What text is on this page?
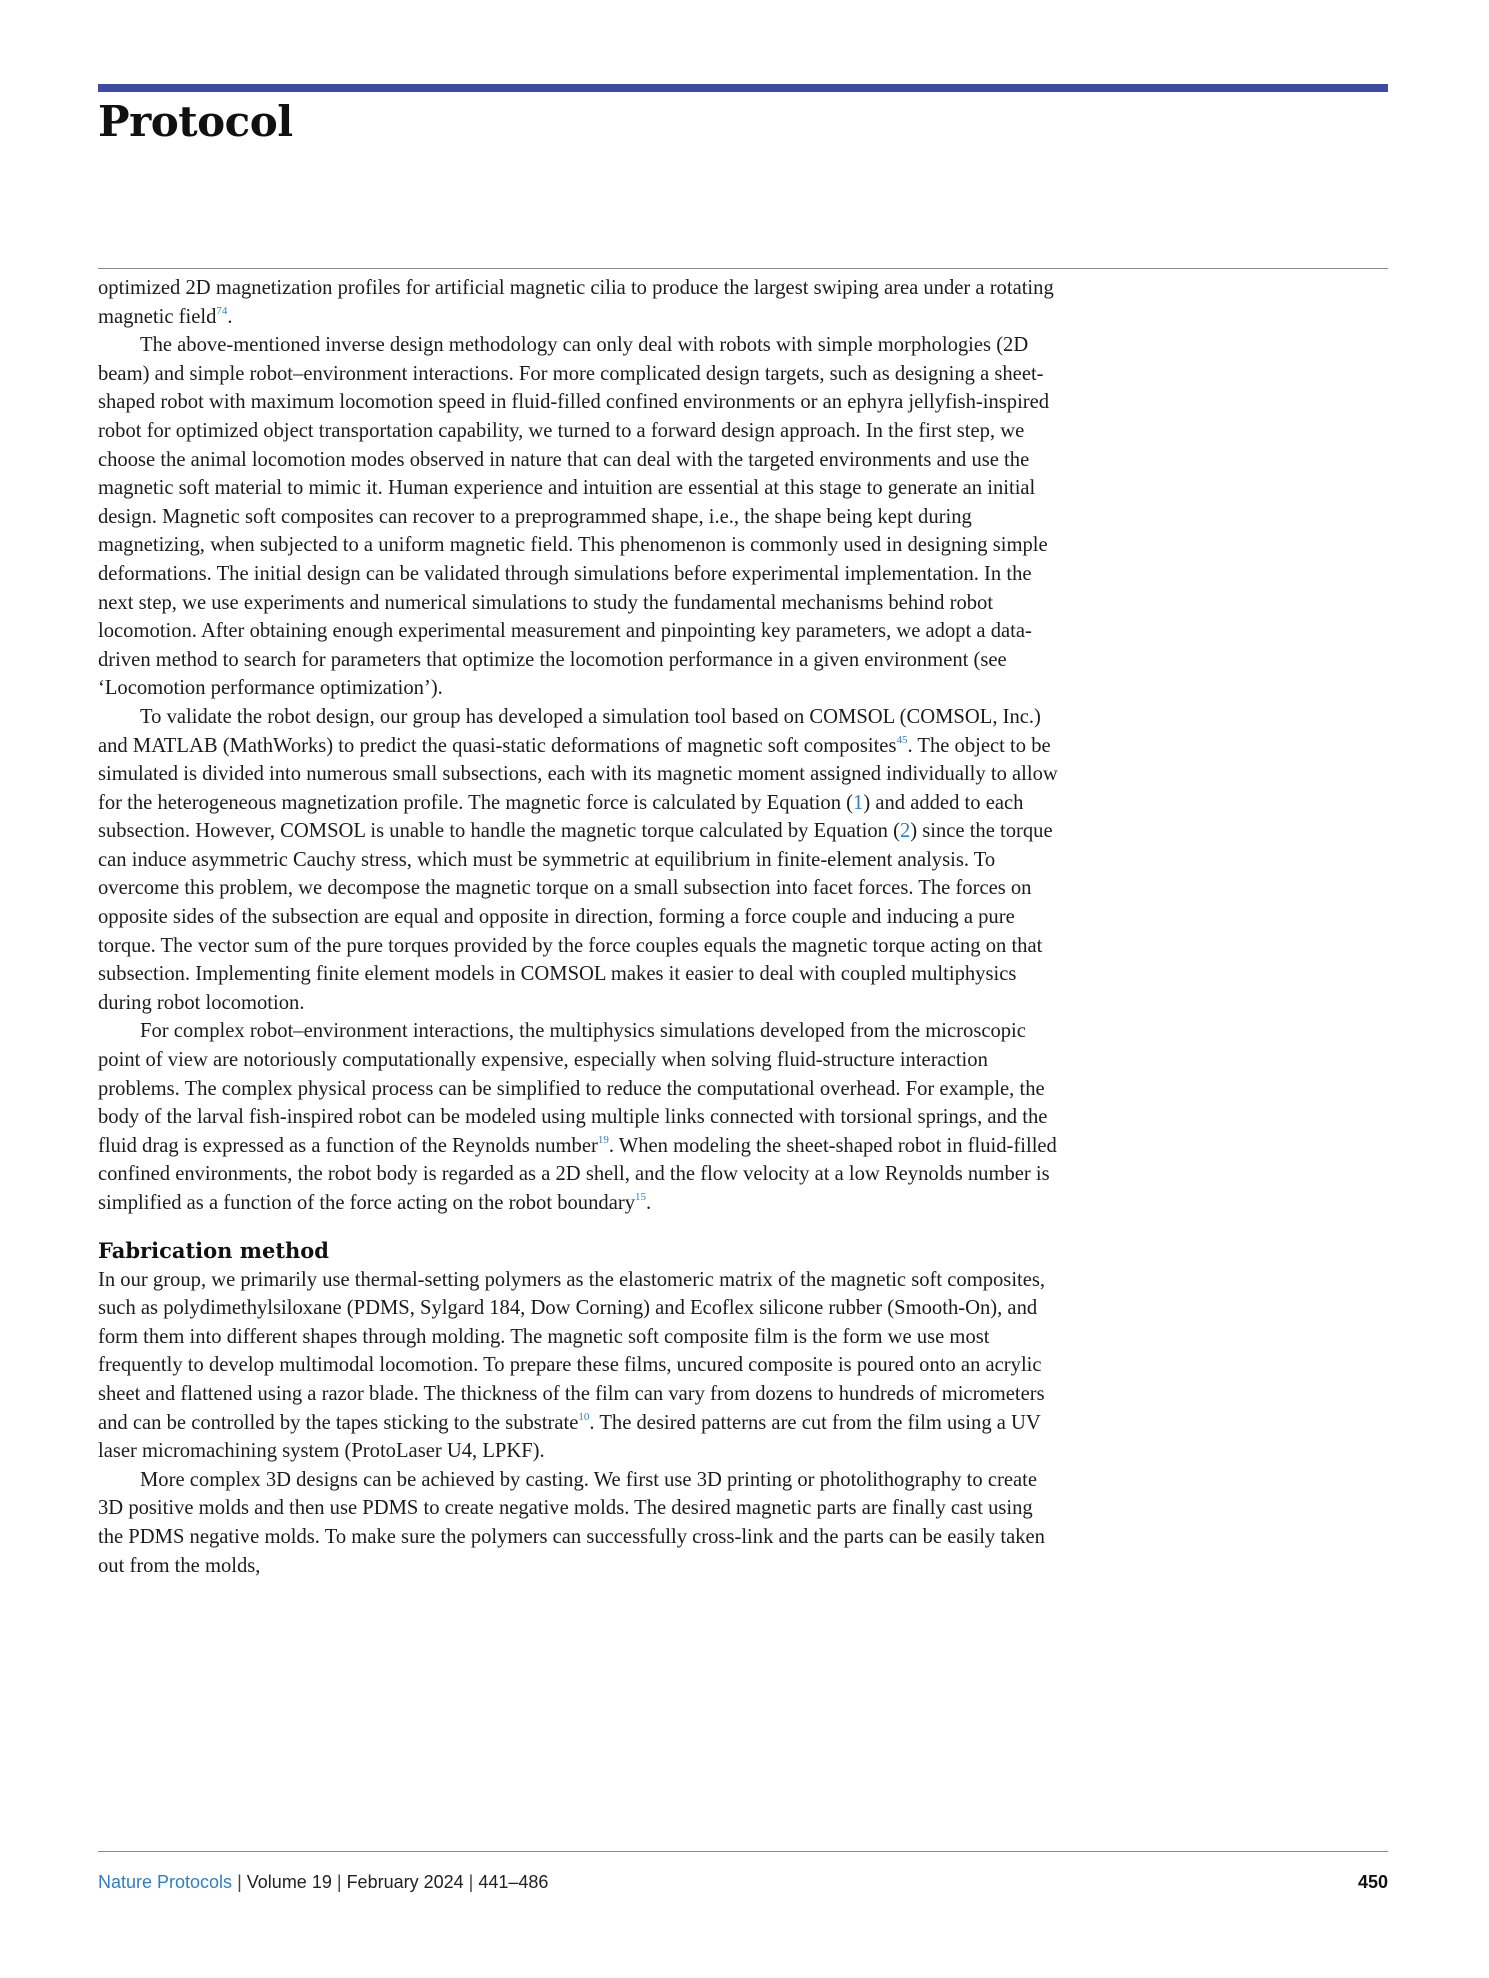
Protocol

optimized 2D magnetization profiles for artificial magnetic cilia to produce the largest swiping area under a rotating magnetic field$^{74}$.

The above-mentioned inverse design methodology can only deal with robots with simple morphologies (2D beam) and simple robot–environment interactions. For more complicated design targets, such as designing a sheet-shaped robot with maximum locomotion speed in fluid-filled confined environments or an ephyra jellyfish-inspired robot for optimized object transportation capability, we turned to a forward design approach. In the first step, we choose the animal locomotion modes observed in nature that can deal with the targeted environments and use the magnetic soft material to mimic it. Human experience and intuition are essential at this stage to generate an initial design. Magnetic soft composites can recover to a preprogrammed shape, i.e., the shape being kept during magnetizing, when subjected to a uniform magnetic field. This phenomenon is commonly used in designing simple deformations. The initial design can be validated through simulations before experimental implementation. In the next step, we use experiments and numerical simulations to study the fundamental mechanisms behind robot locomotion. After obtaining enough experimental measurement and pinpointing key parameters, we adopt a data-driven method to search for parameters that optimize the locomotion performance in a given environment (see ‘Locomotion performance optimization’).

To validate the robot design, our group has developed a simulation tool based on COMSOL (COMSOL, Inc.) and MATLAB (MathWorks) to predict the quasi-static deformations of magnetic soft composites$^{45}$. The object to be simulated is divided into numerous small subsections, each with its magnetic moment assigned individually to allow for the heterogeneous magnetization profile. The magnetic force is calculated by Equation (1) and added to each subsection. However, COMSOL is unable to handle the magnetic torque calculated by Equation (2) since the torque can induce asymmetric Cauchy stress, which must be symmetric at equilibrium in finite-element analysis. To overcome this problem, we decompose the magnetic torque on a small subsection into facet forces. The forces on opposite sides of the subsection are equal and opposite in direction, forming a force couple and inducing a pure torque. The vector sum of the pure torques provided by the force couples equals the magnetic torque acting on that subsection. Implementing finite element models in COMSOL makes it easier to deal with coupled multiphysics during robot locomotion.

For complex robot–environment interactions, the multiphysics simulations developed from the microscopic point of view are notoriously computationally expensive, especially when solving fluid-structure interaction problems. The complex physical process can be simplified to reduce the computational overhead. For example, the body of the larval fish-inspired robot can be modeled using multiple links connected with torsional springs, and the fluid drag is expressed as a function of the Reynolds number$^{19}$. When modeling the sheet-shaped robot in fluid-filled confined environments, the robot body is regarded as a 2D shell, and the flow velocity at a low Reynolds number is simplified as a function of the force acting on the robot boundary$^{15}$.

Fabrication method

In our group, we primarily use thermal-setting polymers as the elastomeric matrix of the magnetic soft composites, such as polydimethylsiloxane (PDMS, Sylgard 184, Dow Corning) and Ecoflex silicone rubber (Smooth-On), and form them into different shapes through molding. The magnetic soft composite film is the form we use most frequently to develop multimodal locomotion. To prepare these films, uncured composite is poured onto an acrylic sheet and flattened using a razor blade. The thickness of the film can vary from dozens to hundreds of micrometers and can be controlled by the tapes sticking to the substrate$^{10}$. The desired patterns are cut from the film using a UV laser micromachining system (ProtoLaser U4, LPKF).

More complex 3D designs can be achieved by casting. We first use 3D printing or photolithography to create 3D positive molds and then use PDMS to create negative molds. The desired magnetic parts are finally cast using the PDMS negative molds. To make sure the polymers can successfully cross-link and the parts can be easily taken out from the molds,

Nature Protocols | Volume 19 | February 2024 | 441–486	450
